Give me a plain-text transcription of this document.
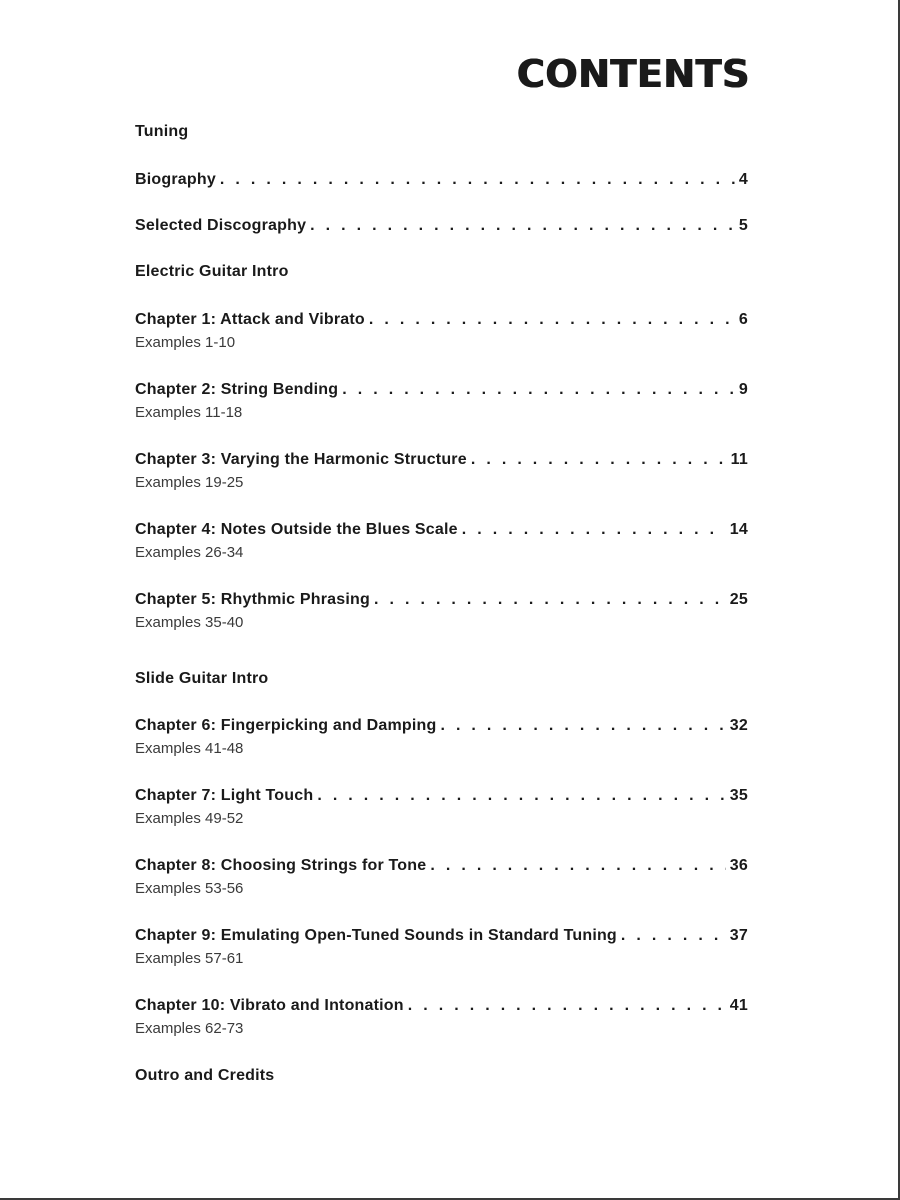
CONTENTS
Tuning
Biography . . .	4
Selected Discography . . .	5
Electric Guitar Intro
Chapter 1: Attack and Vibrato . . .	6
Examples 1-10
Chapter 2: String Bending . . .	9
Examples 11-18
Chapter 3: Varying the Harmonic Structure . . .	11
Examples 19-25
Chapter 4: Notes Outside the Blues Scale . . .	14
Examples 26-34
Chapter 5: Rhythmic Phrasing . . .	25
Examples 35-40
Slide Guitar Intro
Chapter 6: Fingerpicking and Damping . . .	32
Examples 41-48
Chapter 7: Light Touch . . .	35
Examples 49-52
Chapter 8: Choosing Strings for Tone . . .	36
Examples 53-56
Chapter 9: Emulating Open-Tuned Sounds in Standard Tuning . . .	37
Examples 57-61
Chapter 10: Vibrato and Intonation . . .	41
Examples 62-73
Outro and Credits
